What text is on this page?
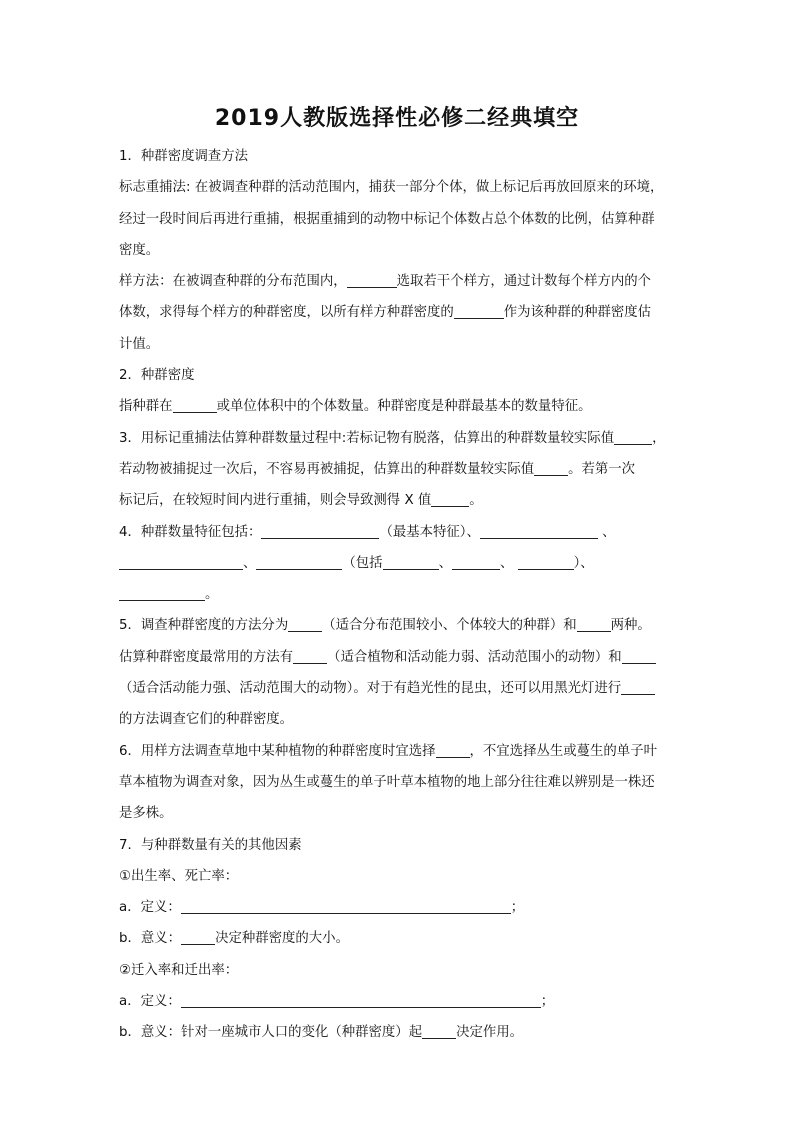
2019人教版选择性必修二经典填空

1．种群密度调查方法

标志重捕法: 在被调查种群的活动范围内，捕获一部分个体，做上标记后再放回原来的环境，

经过一段时间后再进行重捕，根据重捕到的动物中标记个体数占总个体数的比例，估算种群

密度。

样方法：在被调查种群的分布范围内，	选取若干个样方，通过计数每个样方内的个

体数，求得每个样方的种群密度，以所有样方种群密度的	作为该种群的种群密度估

计值。

2．种群密度

指种群在	或单位体积中的个体数量。种群密度是种群最基本的数量特征。

3．用标记重捕法估算种群数量过程中:若标记物有脱落，估算出的种群数量较实际值	，

若动物被捕捉过一次后，不容易再被捕捉，估算出的种群数量较实际值	。若第一次

标记后，在较短时间内进行重捕，则会导致测得 X 值	。

4．种群数量特征包括：	（最基本特征）、	、

、	（包括	、	、	）、。

5．调查种群密度的方法分为	（适合分布范围较小、个体较大的种群）和	两种。

估算种群密度最常用的方法有	（适合植物和活动能力弱、活动范围小的动物）和

（适合活动能力强、活动范围大的动物）。对于有趋光性的昆虫，还可以用黑光灯进行

的方法调查它们的种群密度。

6．用样方法调查草地中某种植物的种群密度时宜选择	，不宜选择丛生或蔓生的单子叶

草本植物为调查对象，因为丛生或蔓生的单子叶草本植物的地上部分往往难以辨别是一株还

是多株。

7．与种群数量有关的其他因素

①出生率、死亡率：

a．定义：	；

b．意义：	决定种群密度的大小。

②迁入率和迁出率：

a．定义：	；

b．意义：针对一座城市人口的变化（种群密度）起	决定作用。
